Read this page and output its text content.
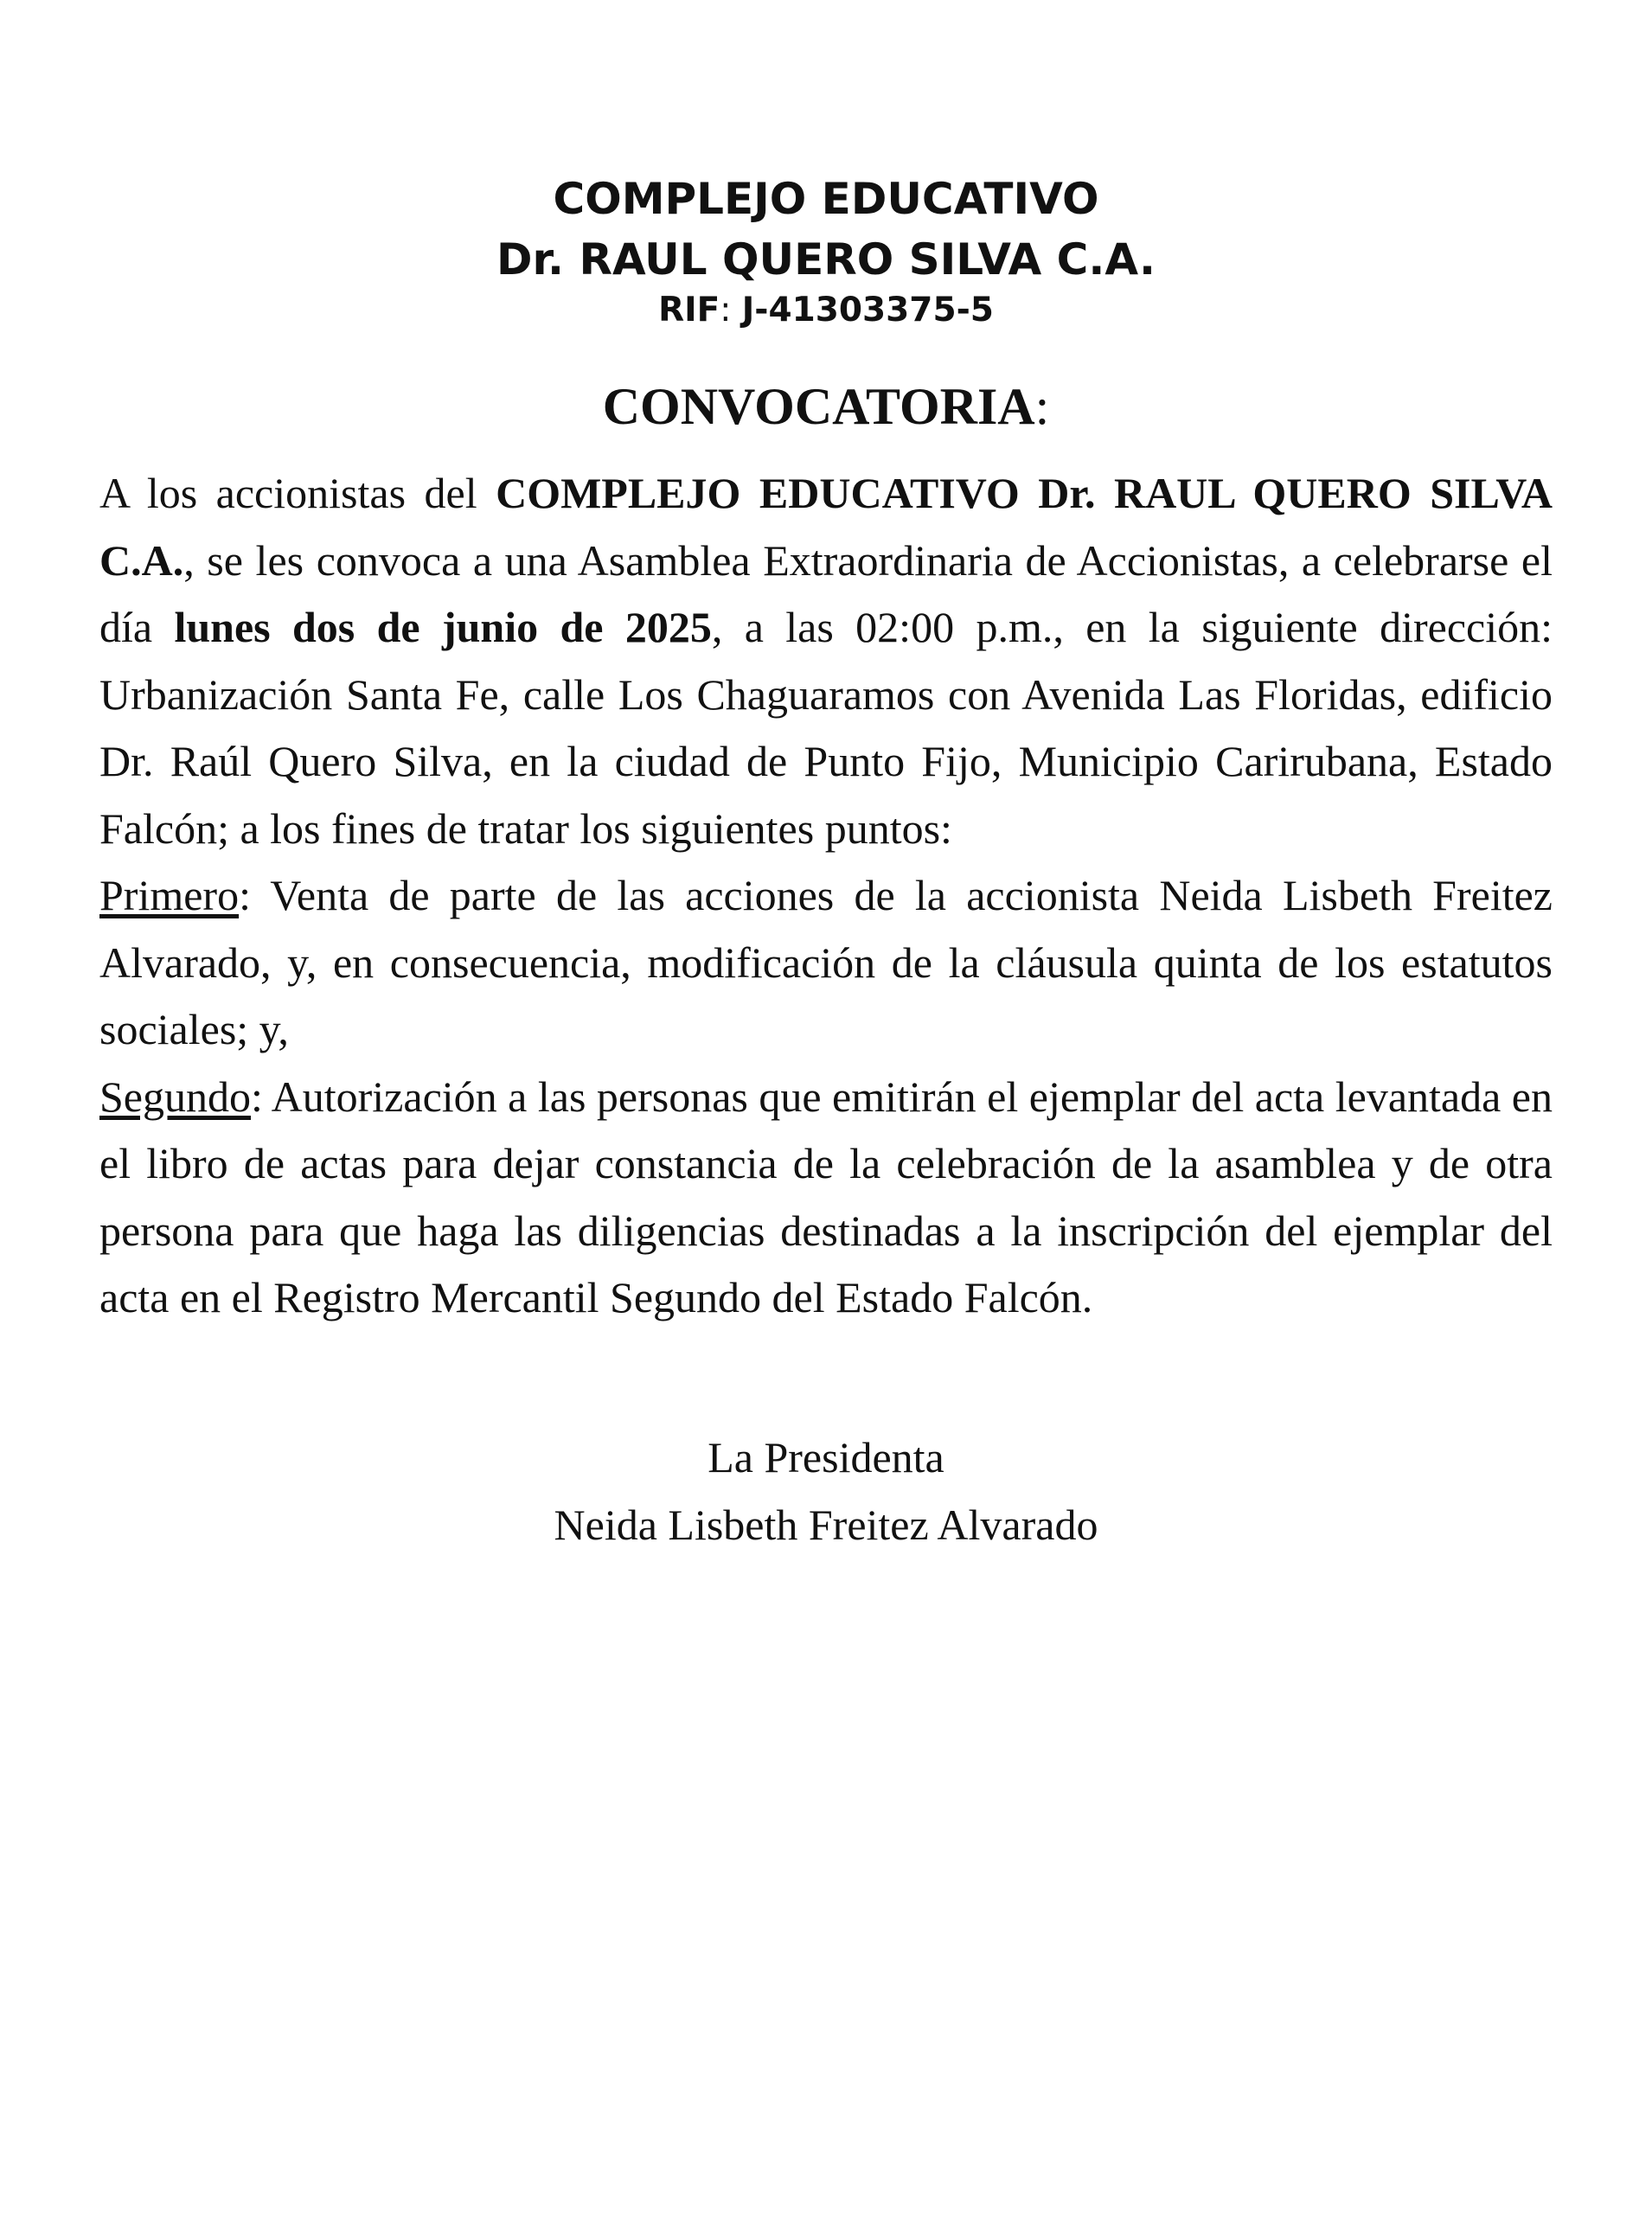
COMPLEJO EDUCATIVO
Dr. RAUL QUERO SILVA C.A.
RIF: J-41303375-5
CONVOCATORIA:

A los accionistas del COMPLEJO EDUCATIVO Dr. RAUL QUERO SILVA C.A., se les convoca a una Asamblea Extraordinaria de Accionistas, a celebrarse el día lunes dos de junio de 2025, a las 02:00 p.m., en la siguiente dirección: Urbanización Santa Fe, calle Los Chaguaramos con Avenida Las Floridas, edificio Dr. Raúl Quero Silva, en la ciudad de Punto Fijo, Municipio Carirubana, Estado Falcón; a los fines de tratar los siguientes puntos:

Primero: Venta de parte de las acciones de la accionista Neida Lisbeth Freitez Alvarado, y, en consecuencia, modificación de la cláusula quinta de los estatutos sociales; y,

Segundo: Autorización a las personas que emitirán el ejemplar del acta levantada en el libro de actas para dejar constancia de la celebración de la asamblea y de otra persona para que haga las diligencias destinadas a la inscripción del ejemplar del acta en el Registro Mercantil Segundo del Estado Falcón.

La Presidenta
Neida Lisbeth Freitez Alvarado
